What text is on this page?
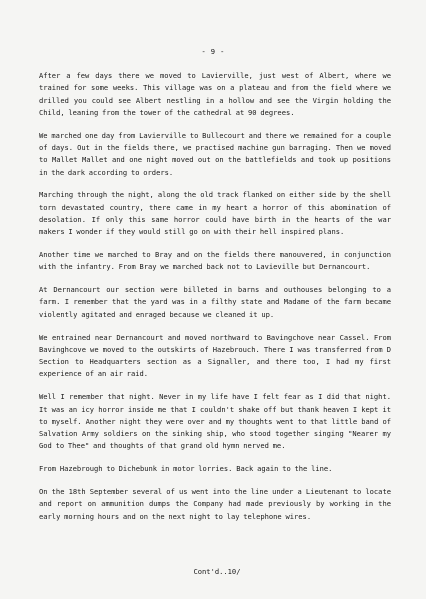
- 9 -

After a few days there we moved to Lavierville, just west of Albert, where we trained for some weeks. This village was on a plateau and from the field where we drilled you could see Albert nestling in a hollow and see the Virgin holding the Child, leaning from the tower of the cathedral at 90 degrees.

We marched one day from Lavierville to Bullecourt and there we remained for a couple of days. Out in the fields there, we practised machine gun barraging. Then we moved to Mallet Mallet and one night moved out on the battlefields and took up positions in the dark according to orders.

Marching through the night, along the old track flanked on either side by the shell torn devastated country, there came in my heart a horror of this abomination of desolation. If only this same horror could have birth in the hearts of the war makers I wonder if they would still go on with their hell inspired plans.

Another time we marched to Bray and on the fields there manouvered, in conjunction with the infantry. From Bray we marched back not to Lavieville but Dernancourt.

At Dernancourt our section were billeted in barns and outhouses belonging to a farm. I remember that the yard was in a filthy state and Madame of the farm became violently agitated and enraged because we cleaned it up.

We entrained near Dernancourt and moved northward to Bavingchove near Cassel. From Bavinghcove we moved to the outskirts of Hazebrouch. There I was transferred from D Section to Headquarters section as a Signaller, and there too, I had my first experience of an air raid.

Well I remember that night. Never in my life have I felt fear as I did that night. It was an icy horror inside me that I couldn't shake off but thank heaven I kept it to myself. Another night they were over and my thoughts went to that little band of Salvation Army soldiers on the sinking ship, who stood together singing "Nearer my God to Thee" and thoughts of that grand old hymn nerved me.

From Hazebrough to Dichebunk in motor lorries. Back again to the line.

On the 18th September several of us went into the line under a Lieutenant to locate and report on ammunition dumps the Company had made previously by working in the early morning hours and on the next night to lay telephone wires.

Cont'd..10/
